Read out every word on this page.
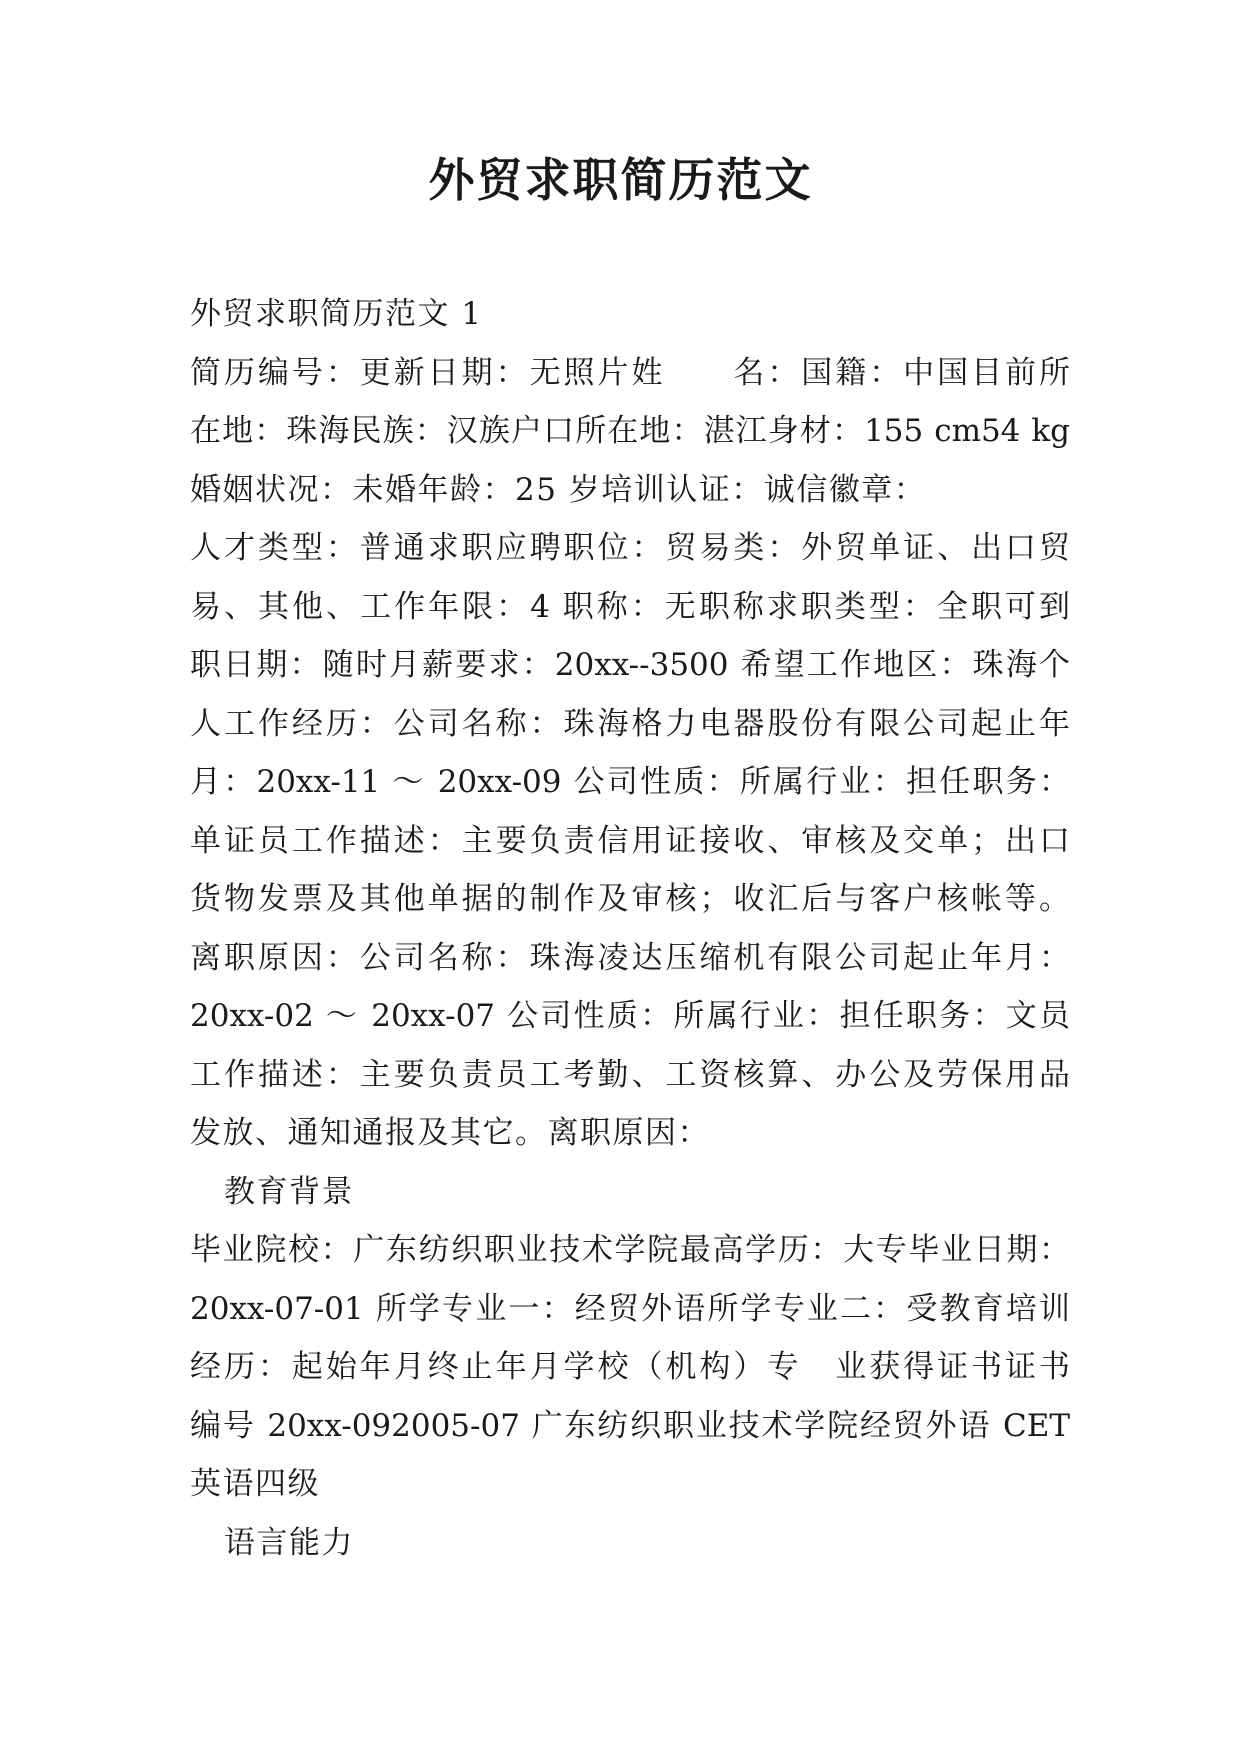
外贸求职简历范文
外贸求职简历范文 1
简历编号：更新日期：无照片姓　　名：国籍：中国目前所
在地：珠海民族：汉族户口所在地：湛江身材：155 cm54 kg
婚姻状况：未婚年龄：25 岁培训认证：诚信徽章：
人才类型：普通求职应聘职位：贸易类：外贸单证、出口贸
易、其他、工作年限：4 职称：无职称求职类型：全职可到
职日期：随时月薪要求：20xx--3500 希望工作地区：珠海个
人工作经历：公司名称：珠海格力电器股份有限公司起止年
月：20xx-11 ～ 20xx-09 公司性质：所属行业：担任职务：
单证员工作描述：主要负责信用证接收、审核及交单；出口
货物发票及其他单据的制作及审核；收汇后与客户核帐等。
离职原因：公司名称：珠海凌达压缩机有限公司起止年月：
20xx-02 ～ 20xx-07 公司性质：所属行业：担任职务：文员
工作描述：主要负责员工考勤、工资核算、办公及劳保用品
发放、通知通报及其它。离职原因：
教育背景
毕业院校：广东纺织职业技术学院最高学历：大专毕业日期：
20xx-07-01 所学专业一：经贸外语所学专业二：受教育培训
经历：起始年月终止年月学校（机构）专　业获得证书证书
编号 20xx-092005-07 广东纺织职业技术学院经贸外语 CET
英语四级
语言能力
